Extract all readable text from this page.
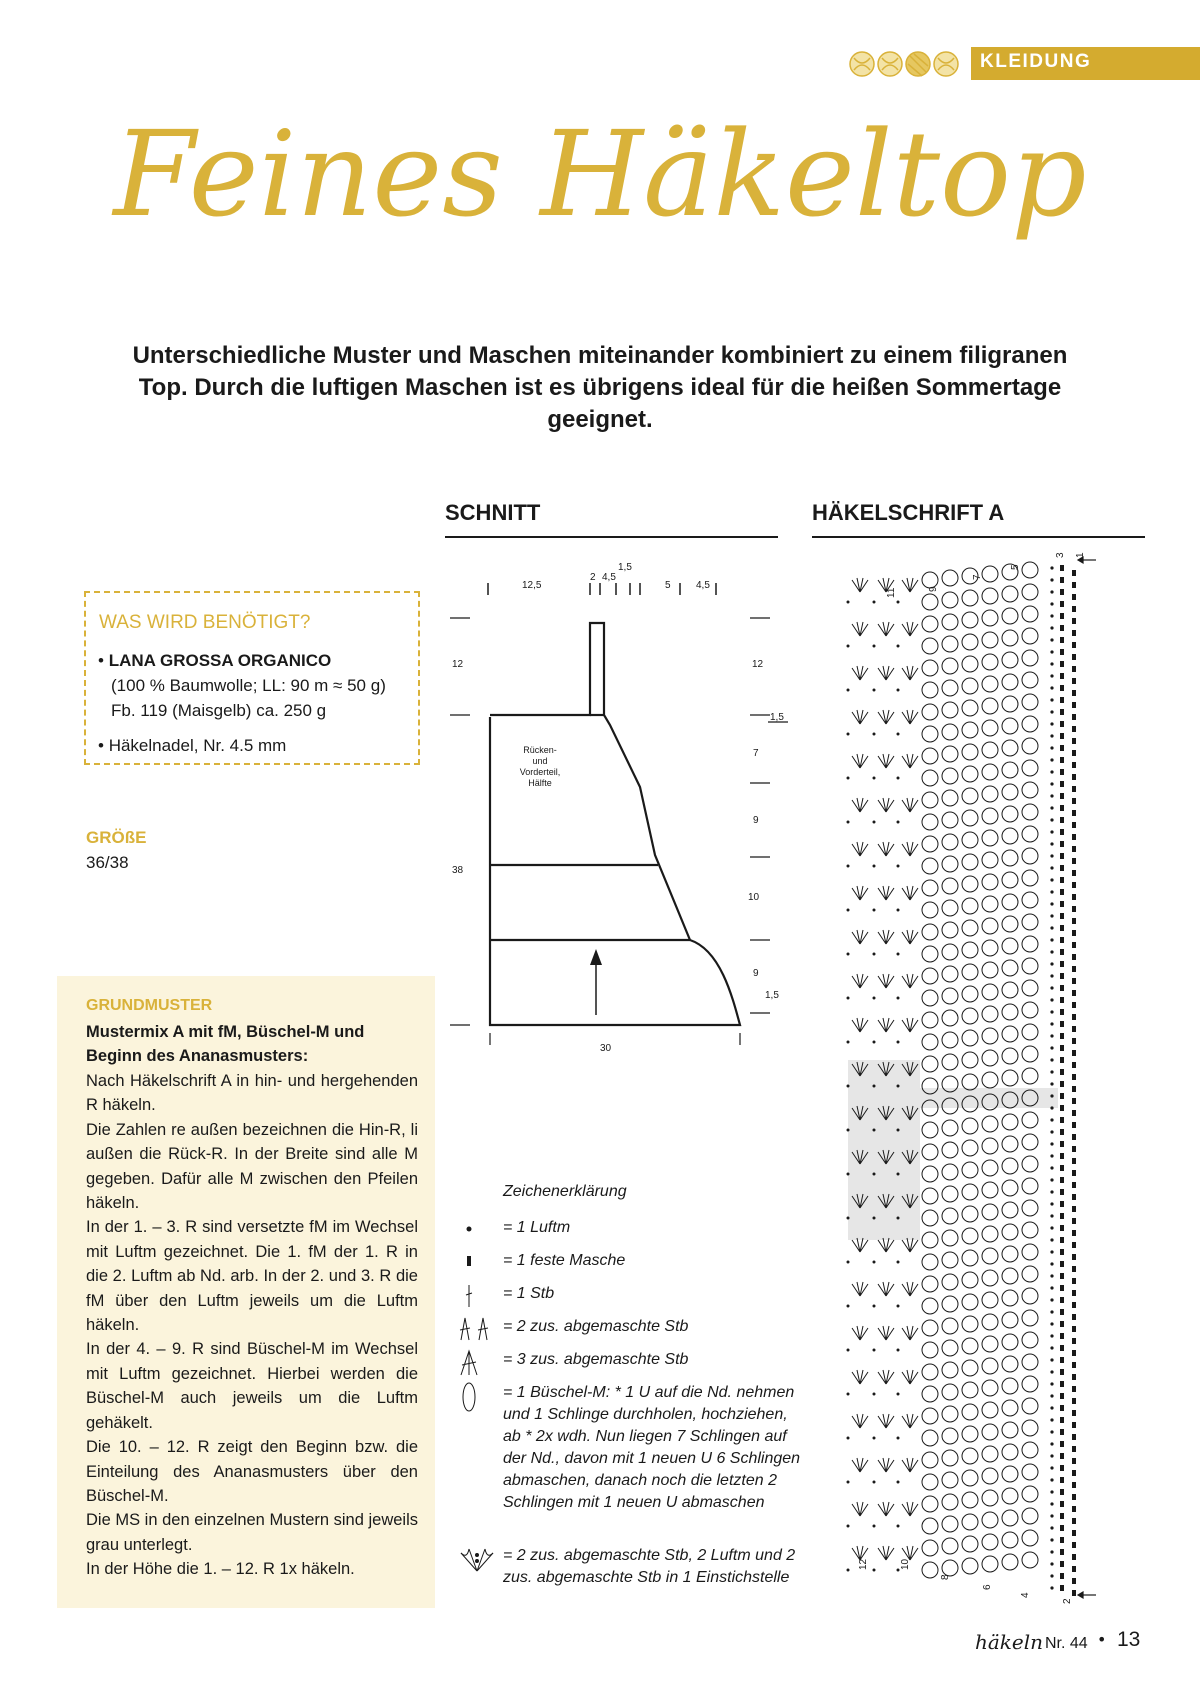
KLEIDUNG
Feines Häkeltop
Unterschiedliche Muster und Maschen miteinander kombiniert zu einem filigranen Top. Durch die luftigen Maschen ist es übrigens ideal für die heißen Sommertage geeignet.
SCHNITT	HÄKELSCHRIFT A
WAS WIRD BENÖTIGT?
• LANA GROSSA ORGANICO
(100 % Baumwolle; LL: 90 m ≈ 50 g)
Fb. 119 (Maisgelb) ca. 250 g
• Häkelnadel, Nr. 4.5 mm
GRÖßE
36/38
GRUNDMUSTER
Mustermix A mit fM, Büschel-M und Beginn des Ananasmusters:
Nach Häkelschrift A in hin- und hergehenden R häkeln.
Die Zahlen re außen bezeichnen die Hin-R, li außen die Rück-R. In der Breite sind alle M gegeben. Dafür alle M zwischen den Pfeilen häkeln.
In der 1. – 3. R sind versetzte fM im Wechsel mit Luftm gezeichnet. Die 1. fM der 1. R in die 2. Luftm ab Nd. arb. In der 2. und 3. R die fM über den Luftm jeweils um die Luftm häkeln.
In der 4. – 9. R sind Büschel-M im Wechsel mit Luftm gezeichnet. Hierbei werden die Büschel-M auch jeweils um die Luftm gehäkelt.
Die 10. – 12. R zeigt den Beginn bzw. die Einteilung des Ananasmusters über den Büschel-M.
Die MS in den einzelnen Mustern sind jeweils grau unterlegt.
In der Höhe die 1. – 12. R 1x häkeln.
12,5
2 4,5
1,5
5	4,5
12
38
12
1,5
7
9
10
9
1,5
Rücken-
und
Vorderteil,
Hälfte
30
3 1
5
7
9
11
12	10
8
6
4
2
Zeichenerklärung
= 1 Luftm
= 1 feste Masche
= 1 Stb
= 2 zus. abgemaschte Stb
= 3 zus. abgemaschte Stb
= 1 Büschel-M: * 1 U auf die Nd. nehmen und 1 Schlinge durchholen, hochziehen, ab * 2x wdh. Nun liegen 7 Schlingen auf der Nd., davon mit 1 neuen U 6 Schlingen abmaschen, danach noch die letzten 2 Schlingen mit 1 neuen U abmaschen
= 2 zus. abgemaschte Stb, 2 Luftm und 2 zus. abgemaschte Stb in 1 Einstichstelle
häkeln Nr. 44 • 13
